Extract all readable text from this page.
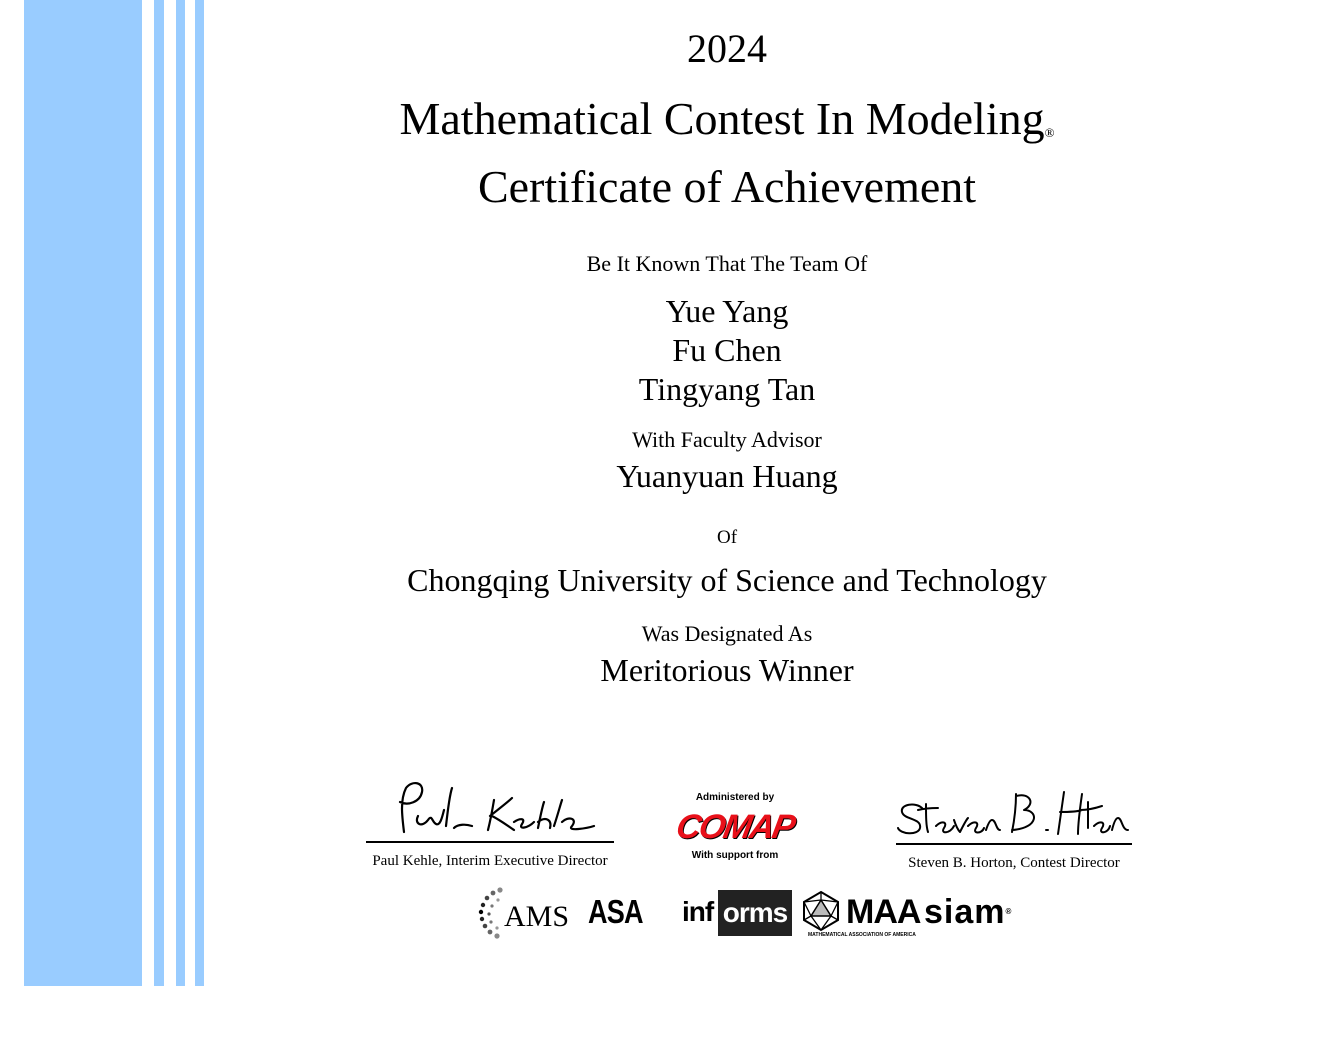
2024
Mathematical Contest In Modeling®
Certificate of Achievement
Be It Known That The Team Of
Yue Yang
Fu Chen
Tingyang Tan
With Faculty Advisor
Yuanyuan Huang
Of
Chongqing University of Science and Technology
Was Designated As
Meritorious Winner
Paul Kehle, Interim Executive Director	Steven B. Horton, Contest Director
Administered by
COMAP
With support from
AMS ASA inf orms MAA
MATHEMATICAL ASSOCIATION OF AMERICA
siam®
